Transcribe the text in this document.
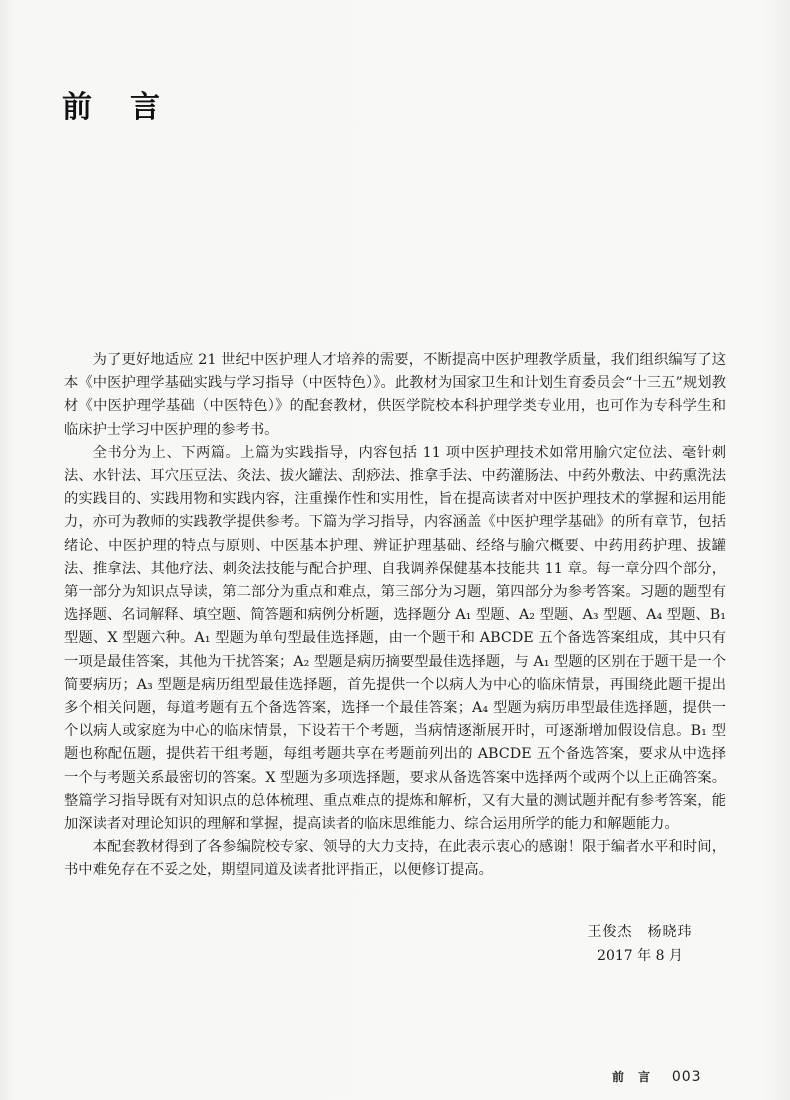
前言

为了更好地适应 21 世纪中医护理人才培养的需要，不断提高中医护理教学质量，我们组织编写了这本《中医护理学基础实践与学习指导（中医特色）》。此教材为国家卫生和计划生育委员会“十三五”规划教材《中医护理学基础（中医特色）》的配套教材，供医学院校本科护理学类专业用，也可作为专科学生和临床护士学习中医护理的参考书。

全书分为上、下两篇。上篇为实践指导，内容包括 11 项中医护理技术如常用腧穴定位法、毫针刺法、水针法、耳穴压豆法、灸法、拔火罐法、刮痧法、推拿手法、中药灌肠法、中药外敷法、中药熏洗法的实践目的、实践用物和实践内容，注重操作性和实用性，旨在提高读者对中医护理技术的掌握和运用能力，亦可为教师的实践教学提供参考。下篇为学习指导，内容涵盖《中医护理学基础》的所有章节，包括绪论、中医护理的特点与原则、中医基本护理、辨证护理基础、经络与腧穴概要、中药用药护理、拔罐法、推拿法、其他疗法、刺灸法技能与配合护理、自我调养保健基本技能共 11 章。每一章分四个部分，第一部分为知识点导读，第二部分为重点和难点，第三部分为习题，第四部分为参考答案。习题的题型有选择题、名词解释、填空题、简答题和病例分析题，选择题分 A₁ 型题、A₂ 型题、A₃ 型题、A₄ 型题、B₁ 型题、X 型题六种。A₁ 型题为单句型最佳选择题，由一个题干和 ABCDE 五个备选答案组成，其中只有一项是最佳答案，其他为干扰答案；A₂ 型题是病历摘要型最佳选择题，与 A₁ 型题的区别在于题干是一个简要病历；A₃ 型题是病历组型最佳选择题，首先提供一个以病人为中心的临床情景，再围绕此题干提出多个相关问题，每道考题有五个备选答案，选择一个最佳答案；A₄ 型题为病历串型最佳选择题，提供一个以病人或家庭为中心的临床情景，下设若干个考题，当病情逐渐展开时，可逐渐增加假设信息。B₁ 型题也称配伍题，提供若干组考题，每组考题共享在考题前列出的 ABCDE 五个备选答案，要求从中选择一个与考题关系最密切的答案。X 型题为多项选择题，要求从备选答案中选择两个或两个以上正确答案。整篇学习指导既有对知识点的总体梳理、重点难点的提炼和解析，又有大量的测试题并配有参考答案，能加深读者对理论知识的理解和掌握，提高读者的临床思维能力、综合运用所学的能力和解题能力。

本配套教材得到了各参编院校专家、领导的大力支持，在此表示衷心的感谢！限于编者水平和时间，书中难免存在不妥之处，期望同道及读者批评指正，以便修订提高。

王俊杰　杨晓玮
2017 年 8 月
前言 003
